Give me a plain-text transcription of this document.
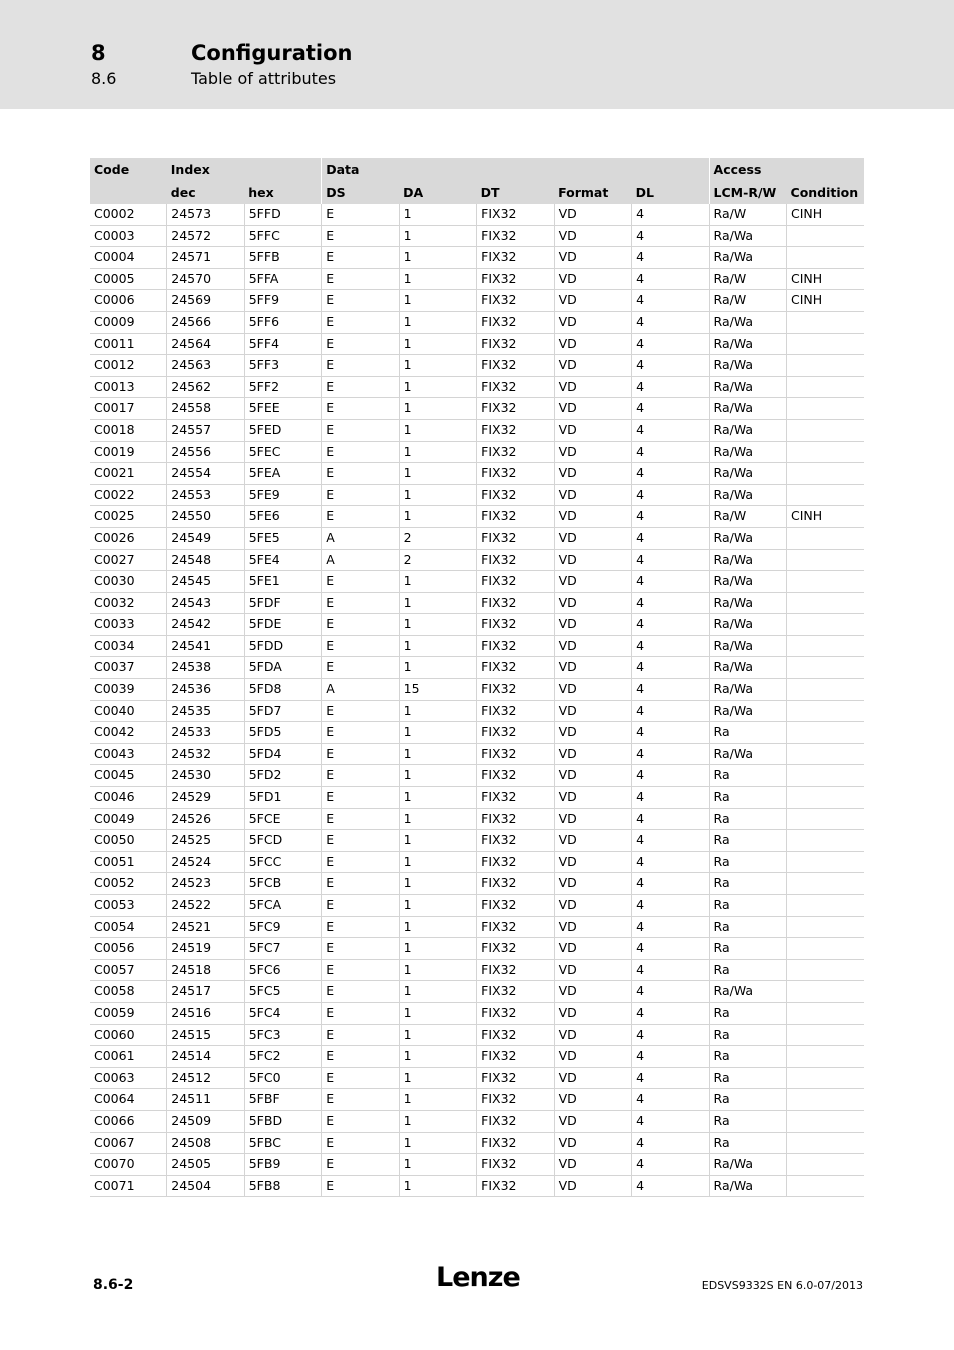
8	Configuration
8.6	Table of attributes
Code	Index		Data					Access	
	dec	hex	DS	DA	DT	Format	DL	LCM-R/W	Condition
C0002	24573	5FFD	E	1	FIX32	VD	4	Ra/W	CINH
C0003	24572	5FFC	E	1	FIX32	VD	4	Ra/Wa	
C0004	24571	5FFB	E	1	FIX32	VD	4	Ra/Wa	
C0005	24570	5FFA	E	1	FIX32	VD	4	Ra/W	CINH
C0006	24569	5FF9	E	1	FIX32	VD	4	Ra/W	CINH
C0009	24566	5FF6	E	1	FIX32	VD	4	Ra/Wa	
C0011	24564	5FF4	E	1	FIX32	VD	4	Ra/Wa	
C0012	24563	5FF3	E	1	FIX32	VD	4	Ra/Wa	
C0013	24562	5FF2	E	1	FIX32	VD	4	Ra/Wa	
C0017	24558	5FEE	E	1	FIX32	VD	4	Ra/Wa	
C0018	24557	5FED	E	1	FIX32	VD	4	Ra/Wa	
C0019	24556	5FEC	E	1	FIX32	VD	4	Ra/Wa	
C0021	24554	5FEA	E	1	FIX32	VD	4	Ra/Wa	
C0022	24553	5FE9	E	1	FIX32	VD	4	Ra/Wa	
C0025	24550	5FE6	E	1	FIX32	VD	4	Ra/W	CINH
C0026	24549	5FE5	A	2	FIX32	VD	4	Ra/Wa	
C0027	24548	5FE4	A	2	FIX32	VD	4	Ra/Wa	
C0030	24545	5FE1	E	1	FIX32	VD	4	Ra/Wa	
C0032	24543	5FDF	E	1	FIX32	VD	4	Ra/Wa	
C0033	24542	5FDE	E	1	FIX32	VD	4	Ra/Wa	
C0034	24541	5FDD	E	1	FIX32	VD	4	Ra/Wa	
C0037	24538	5FDA	E	1	FIX32	VD	4	Ra/Wa	
C0039	24536	5FD8	A	15	FIX32	VD	4	Ra/Wa	
C0040	24535	5FD7	E	1	FIX32	VD	4	Ra/Wa	
C0042	24533	5FD5	E	1	FIX32	VD	4	Ra	
C0043	24532	5FD4	E	1	FIX32	VD	4	Ra/Wa	
C0045	24530	5FD2	E	1	FIX32	VD	4	Ra	
C0046	24529	5FD1	E	1	FIX32	VD	4	Ra	
C0049	24526	5FCE	E	1	FIX32	VD	4	Ra	
C0050	24525	5FCD	E	1	FIX32	VD	4	Ra	
C0051	24524	5FCC	E	1	FIX32	VD	4	Ra	
C0052	24523	5FCB	E	1	FIX32	VD	4	Ra	
C0053	24522	5FCA	E	1	FIX32	VD	4	Ra	
C0054	24521	5FC9	E	1	FIX32	VD	4	Ra	
C0056	24519	5FC7	E	1	FIX32	VD	4	Ra	
C0057	24518	5FC6	E	1	FIX32	VD	4	Ra	
C0058	24517	5FC5	E	1	FIX32	VD	4	Ra/Wa	
C0059	24516	5FC4	E	1	FIX32	VD	4	Ra	
C0060	24515	5FC3	E	1	FIX32	VD	4	Ra	
C0061	24514	5FC2	E	1	FIX32	VD	4	Ra	
C0063	24512	5FC0	E	1	FIX32	VD	4	Ra	
C0064	24511	5FBF	E	1	FIX32	VD	4	Ra	
C0066	24509	5FBD	E	1	FIX32	VD	4	Ra	
C0067	24508	5FBC	E	1	FIX32	VD	4	Ra	
C0070	24505	5FB9	E	1	FIX32	VD	4	Ra/Wa	
C0071	24504	5FB8	E	1	FIX32	VD	4	Ra/Wa	
8.6-2	Lenze	EDSVS9332S EN 6.0-07/2013
